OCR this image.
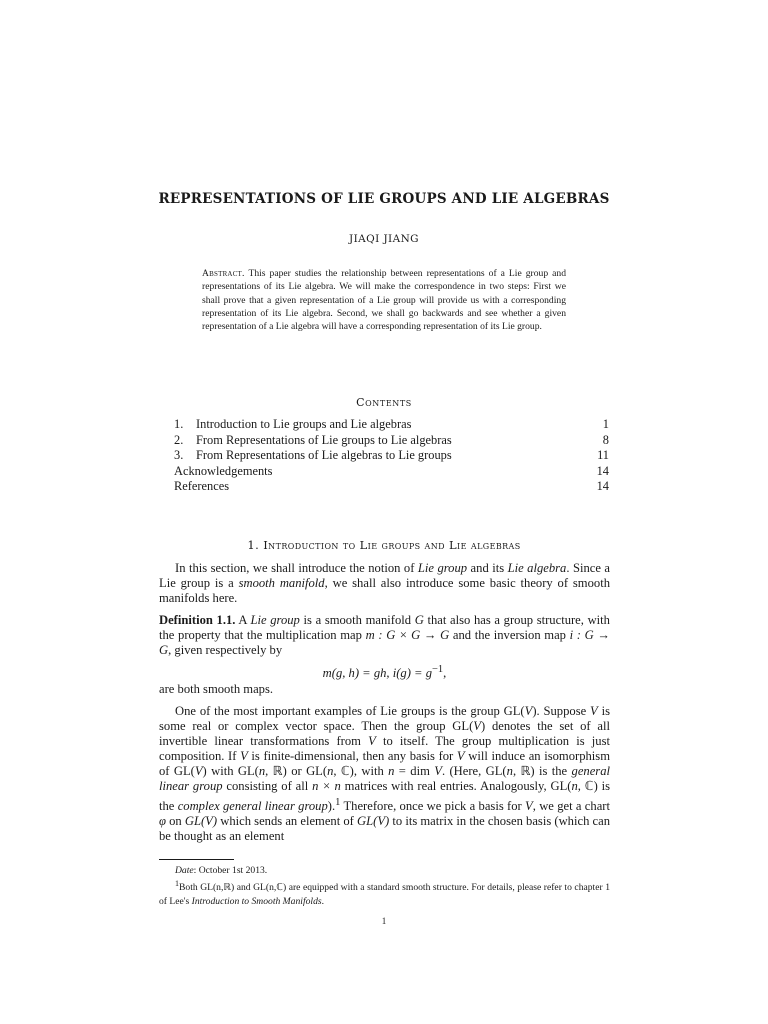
REPRESENTATIONS OF LIE GROUPS AND LIE ALGEBRAS
JIAQI JIANG
Abstract. This paper studies the relationship between representations of a Lie group and representations of its Lie algebra. We will make the correspondence in two steps: First we shall prove that a given representation of a Lie group will provide us with a corresponding representation of its Lie algebra. Second, we shall go backwards and see whether a given representation of a Lie algebra will have a corresponding representation of its Lie group.
Contents
1. Introduction to Lie groups and Lie algebras	1
2. From Representations of Lie groups to Lie algebras	8
3. From Representations of Lie algebras to Lie groups	11
Acknowledgements	14
References	14
1. Introduction to Lie groups and Lie algebras

In this section, we shall introduce the notion of Lie group and its Lie algebra. Since a Lie group is a smooth manifold, we shall also introduce some basic theory of smooth manifolds here.

Definition 1.1. A Lie group is a smooth manifold G that also has a group structure, with the property that the multiplication map m : G × G → G and the inversion map i : G → G, given respectively by

m(g, h) = gh, $i(g) = g^{-1}$,

are both smooth maps.

One of the most important examples of Lie groups is the group GL(V). Suppose V is some real or complex vector space. Then the group GL(V) denotes the set of all invertible linear transformations from V to itself. The group multiplication is just composition. If V is finite-dimensional, then any basis for V will induce an isomorphism of GL(V) with GL(n, ℝ) or GL(n, ℂ), with n = dim V. (Here, GL(n, ℝ) is the general linear group consisting of all n × n matrices with real entries. Analogously, GL(n, ℂ) is the complex general linear group).$^1$ Therefore, once we pick a basis for V, we get a chart φ on GL(V) which sends an element of GL(V) to its matrix in the chosen basis (which can be thought as an element

Date: October 1st 2013.

$^1$Both GL(n,ℝ) and GL(n,ℂ) are equipped with a standard smooth structure. For details, please refer to chapter 1 of Lee's Introduction to Smooth Manifolds.

1
